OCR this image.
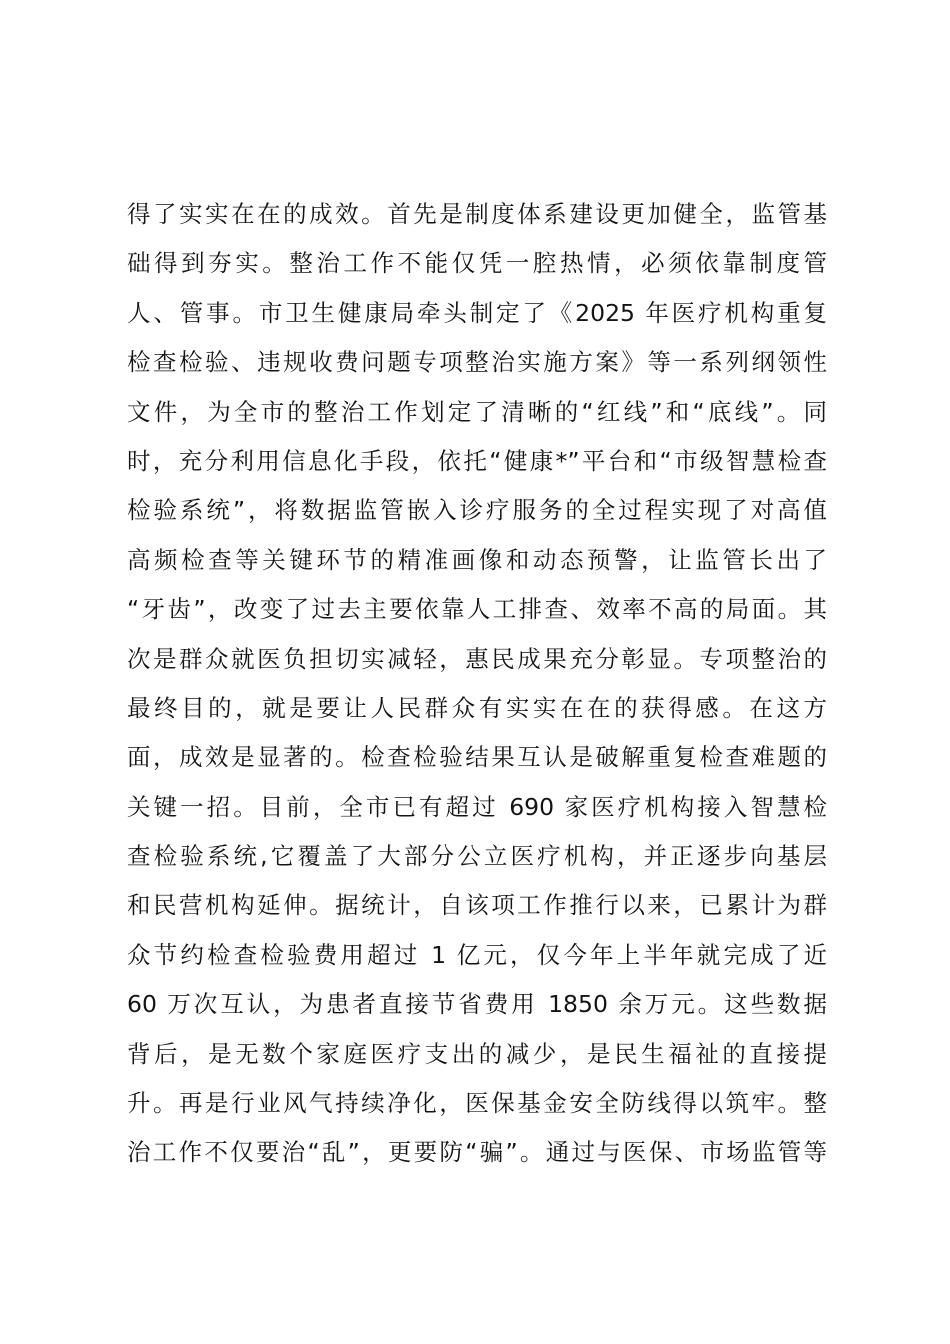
得了实实在在的成效。首先是制度体系建设更加健全，监管基
础得到夯实。整治工作不能仅凭一腔热情，必须依靠制度管
人、管事。市卫生健康局牵头制定了《2025 年医疗机构重复
检查检验、违规收费问题专项整治实施方案》等一系列纲领性
文件，为全市的整治工作划定了清晰的“红线”和“底线”。同
时，充分利用信息化手段，依托“健康*”平台和“市级智慧检查
检验系统”，将数据监管嵌入诊疗服务的全过程实现了对高值
高频检查等关键环节的精准画像和动态预警，让监管长出了
“牙齿”，改变了过去主要依靠人工排查、效率不高的局面。其
次是群众就医负担切实减轻，惠民成果充分彰显。专项整治的
最终目的，就是要让人民群众有实实在在的获得感。在这方
面，成效是显著的。检查检验结果互认是破解重复检查难题的
关键一招。目前，全市已有超过 690 家医疗机构接入智慧检
查检验系统,它覆盖了大部分公立医疗机构，并正逐步向基层
和民营机构延伸。据统计，自该项工作推行以来，已累计为群
众节约检查检验费用超过 1 亿元，仅今年上半年就完成了近
60 万次互认，为患者直接节省费用 1850 余万元。这些数据
背后，是无数个家庭医疗支出的减少，是民生福祉的直接提
升。再是行业风气持续净化，医保基金安全防线得以筑牢。整
治工作不仅要治“乱”，更要防“骗”。通过与医保、市场监管等
